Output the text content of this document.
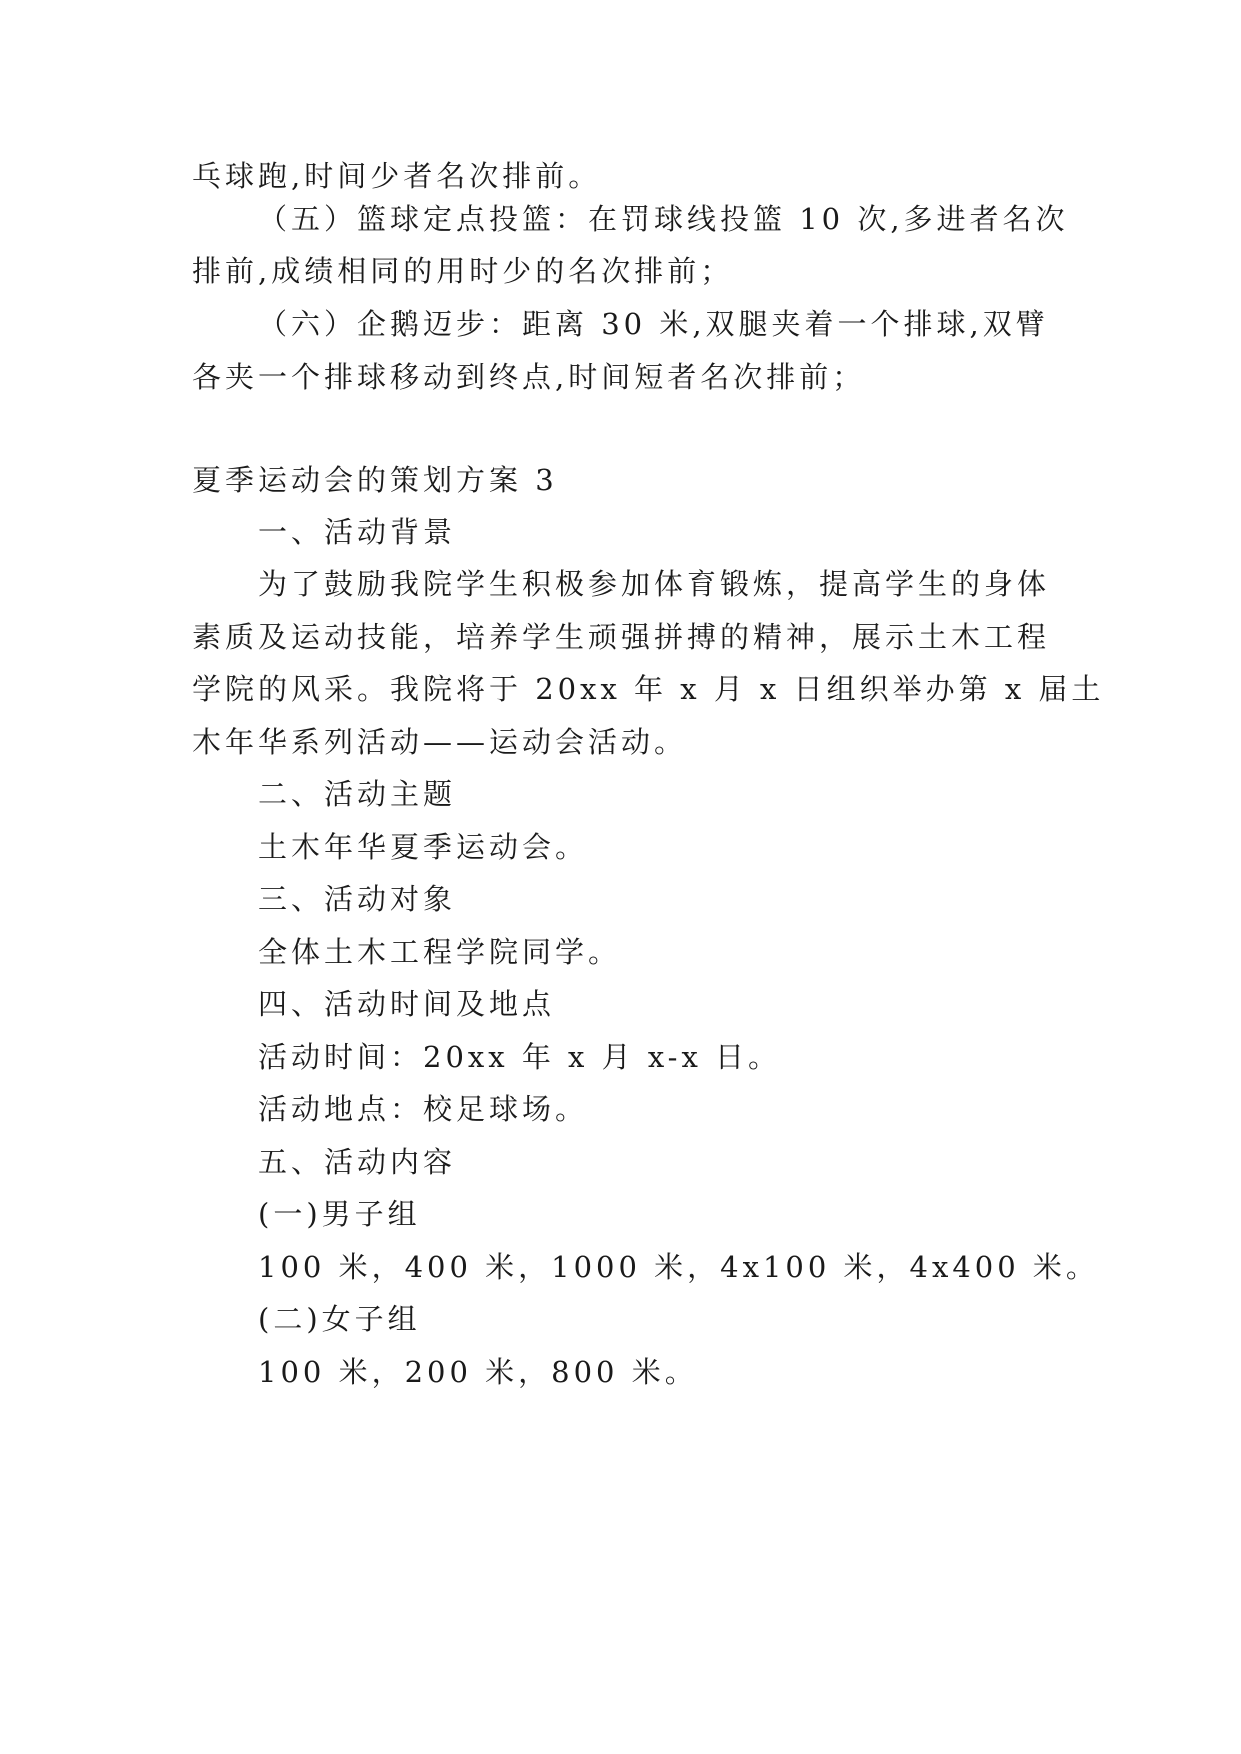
乓球跑,时间少者名次排前。
（五）篮球定点投篮：在罚球线投篮 10 次,多进者名次
排前,成绩相同的用时少的名次排前；
（六）企鹅迈步：距离 30 米,双腿夹着一个排球,双臂
各夹一个排球移动到终点,时间短者名次排前；
夏季运动会的策划方案 3
一、活动背景
为了鼓励我院学生积极参加体育锻炼，提高学生的身体
素质及运动技能，培养学生顽强拼搏的精神，展示土木工程
学院的风采。我院将于 20xx 年 x 月 x 日组织举办第 x 届土
木年华系列活动——运动会活动。
二、活动主题
土木年华夏季运动会。
三、活动对象
全体土木工程学院同学。
四、活动时间及地点
活动时间：20xx 年 x 月 x-x 日。
活动地点：校足球场。
五、活动内容
(一)男子组
100 米，400 米，1000 米，4x100 米，4x400 米。
(二)女子组
100 米，200 米，800 米。
